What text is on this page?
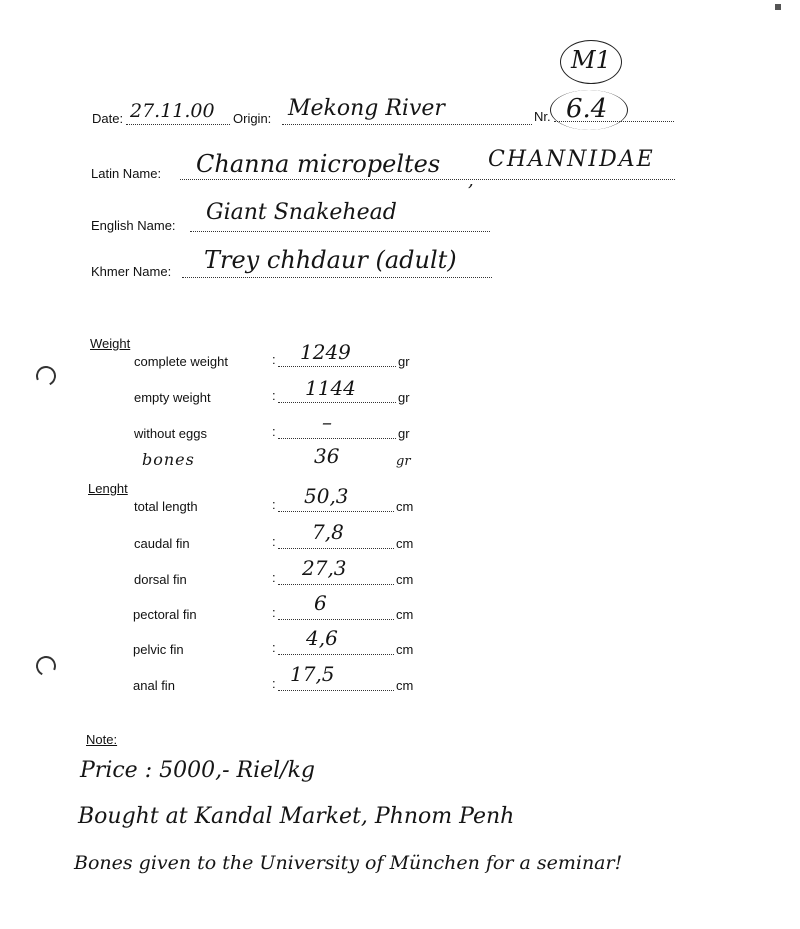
M1
Date: 27.11.00 Origin: Mekong River	Nr. 6.4
Latin Name: Channa micropeltes
,
CHANNIDAE
English Name:
Giant Snakehead
Khmer Name: Trey chhdaur (adult)
Weight
complete weight	: 1249	gr
empty weight	: 1144	gr
without eggs	: –	gr
bones	36	gr
Lenght
total length	: 50,3	cm
caudal fin	: 7,8	cm
dorsal fin	: 27,3	cm
pectoral fin	: 6	cm
pelvic fin	: 4,6	cm
anal fin	: 17,5	cm
Note:
Price : 5000,- Riel/kg
Bought at Kandal Market, Phnom Penh
Bones given to the University of München for a seminar!
